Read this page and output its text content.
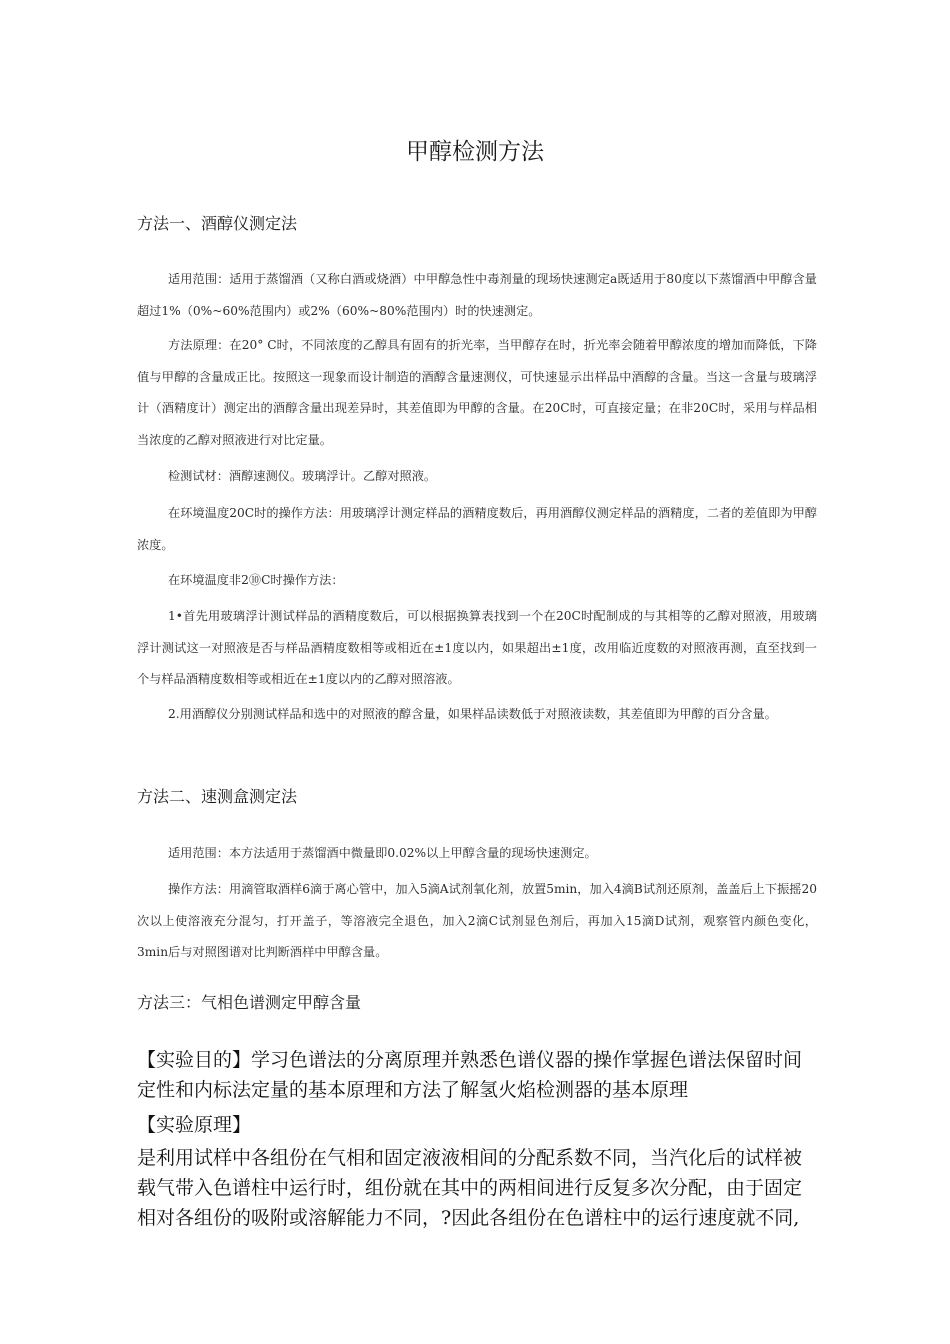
甲醇检测方法
方法一、酒醇仪测定法
适用范围：适用于蒸馏酒（又称白酒或烧酒）中甲醇急性中毒剂量的现场快速测定a既适用于80度以下蒸馏酒中甲醇含量超过1%（0%~60%范围内）或2%（60%~80%范围内）时的快速测定。
方法原理：在20° C时，不同浓度的乙醇具有固有的折光率，当甲醇存在时，折光率会随着甲醇浓度的增加而降低，下降值与甲醇的含量成正比。按照这一现象而设计制造的酒醇含量速测仪，可快速显示出样品中酒醇的含量。当这一含量与玻璃浮计（酒精度计）测定出的酒醇含量出现差异时，其差值即为甲醇的含量。在20C时，可直接定量；在非20C时，采用与样品相当浓度的乙醇对照液进行对比定量。
检测试材：酒醇速测仪。玻璃浮计。乙醇对照液。
在环境温度20C时的操作方法：用玻璃浮计测定样品的酒精度数后，再用酒醇仪测定样品的酒精度，二者的差值即为甲醇浓度。
在环境温度非2⑩C时操作方法：
1•首先用玻璃浮计测试样品的酒精度数后，可以根据换算表找到一个在20C时配制成的与其相等的乙醇对照液，用玻璃浮计测试这一对照液是否与样品酒精度数相等或相近在±1度以内，如果超出±1度，改用临近度数的对照液再测，直至找到一个与样品酒精度数相等或相近在±1度以内的乙醇对照溶液。
2.用酒醇仪分别测试样品和选中的对照液的醇含量，如果样品读数低于对照液读数，其差值即为甲醇的百分含量。
方法二、速测盒测定法
适用范围：本方法适用于蒸馏酒中微量即0.02%以上甲醇含量的现场快速测定。
操作方法：用滴管取酒样6滴于离心管中，加入5滴A试剂氧化剂，放置5min，加入4滴B试剂还原剂，盖盖后上下振摇20次以上使溶液充分混匀，打开盖子，等溶液完全退色，加入2滴C试剂显色剂后，再加入15滴D试剂，观察管内颜色变化，3min后与对照图谱对比判断酒样中甲醇含量。
方法三：气相色谱测定甲醇含量
【实验目的】学习色谱法的分离原理并熟悉色谱仪器的操作掌握色谱法保留时间定性和内标法定量的基本原理和方法了解氢火焰检测器的基本原理
【实验原理】
是利用试样中各组份在气相和固定液液相间的分配系数不同，当汽化后的试样被载气带入色谱柱中运行时，组份就在其中的两相间进行反复多次分配，由于固定相对各组份的吸附或溶解能力不同，?因此各组份在色谱柱中的运行速度就不同,
